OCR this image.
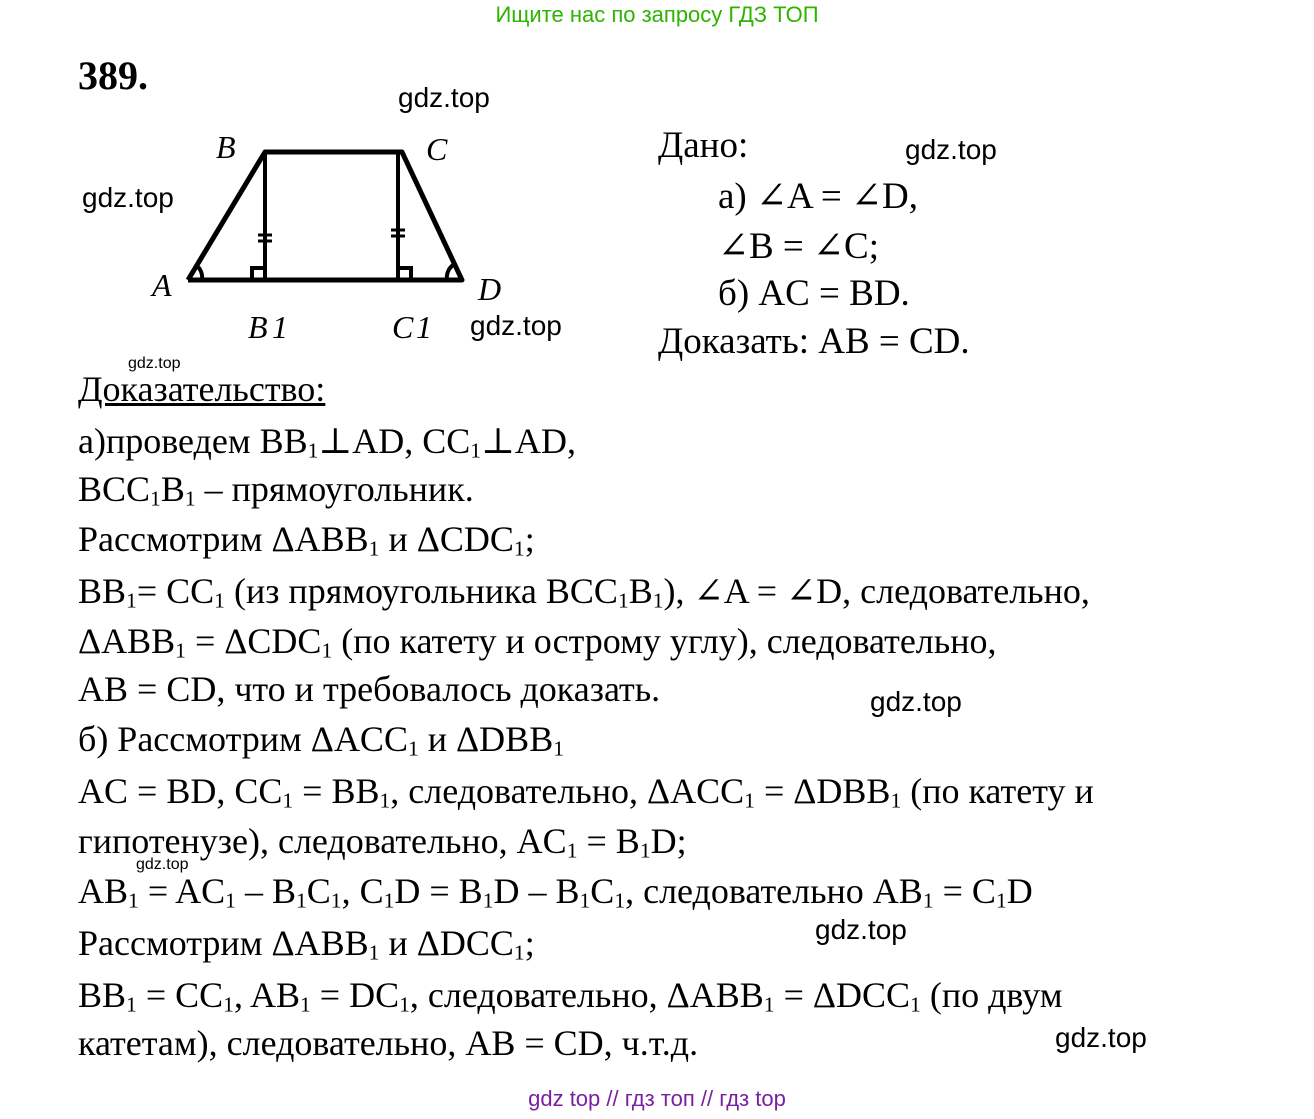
Ищите нас по запросу ГДЗ ТОП
389.	gdz.top
gdz.top
gdz.top
gdz.top
gdz.top
gdz.top
gdz.top
gdz.top
gdz.top
B	C
A	D
B 1	C 1
Дано:
а) ∠A = ∠D,
∠B = ∠C;
б) AC = BD.
Доказать: AB = CD.
Доказательство:
а)проведем $BB_1\perp AD$, $CC_1\perp AD$,
$BCC_1B_1$ – прямоугольник.
Рассмотрим $\Delta ABB_1$ и $\Delta CDC_1$;
$BB_1= CC_1$ (из прямоугольника $BCC_1B_1$), ∠A = ∠D, следовательно,
$\Delta ABB_1 = \Delta CDC_1$ (по катету и острому углу), следовательно,
AB = CD, что и требовалось доказать.
б) Рассмотрим $\Delta ACC_1$ и $\Delta DBB_1$
AC = BD, $CC_1 = BB_1$, следовательно, $\Delta ACC_1 = \Delta DBB_1$ (по катету и
гипотенузе), следовательно, $AC_1 = B_1D$;
$AB_1 = AC_1 - B_1C_1$, $C_1D = B_1D - B_1C_1$, следовательно $AB_1 = C_1D$
Рассмотрим $\Delta ABB_1$ и $\Delta DCC_1$;
$BB_1 = CC_1$, $AB_1 = DC_1$, следовательно, $\Delta ABB_1 = \Delta DCC_1$ (по двум
катетам), следовательно, AB = CD, ч.т.д.
gdz top // гдз топ // гдз top
